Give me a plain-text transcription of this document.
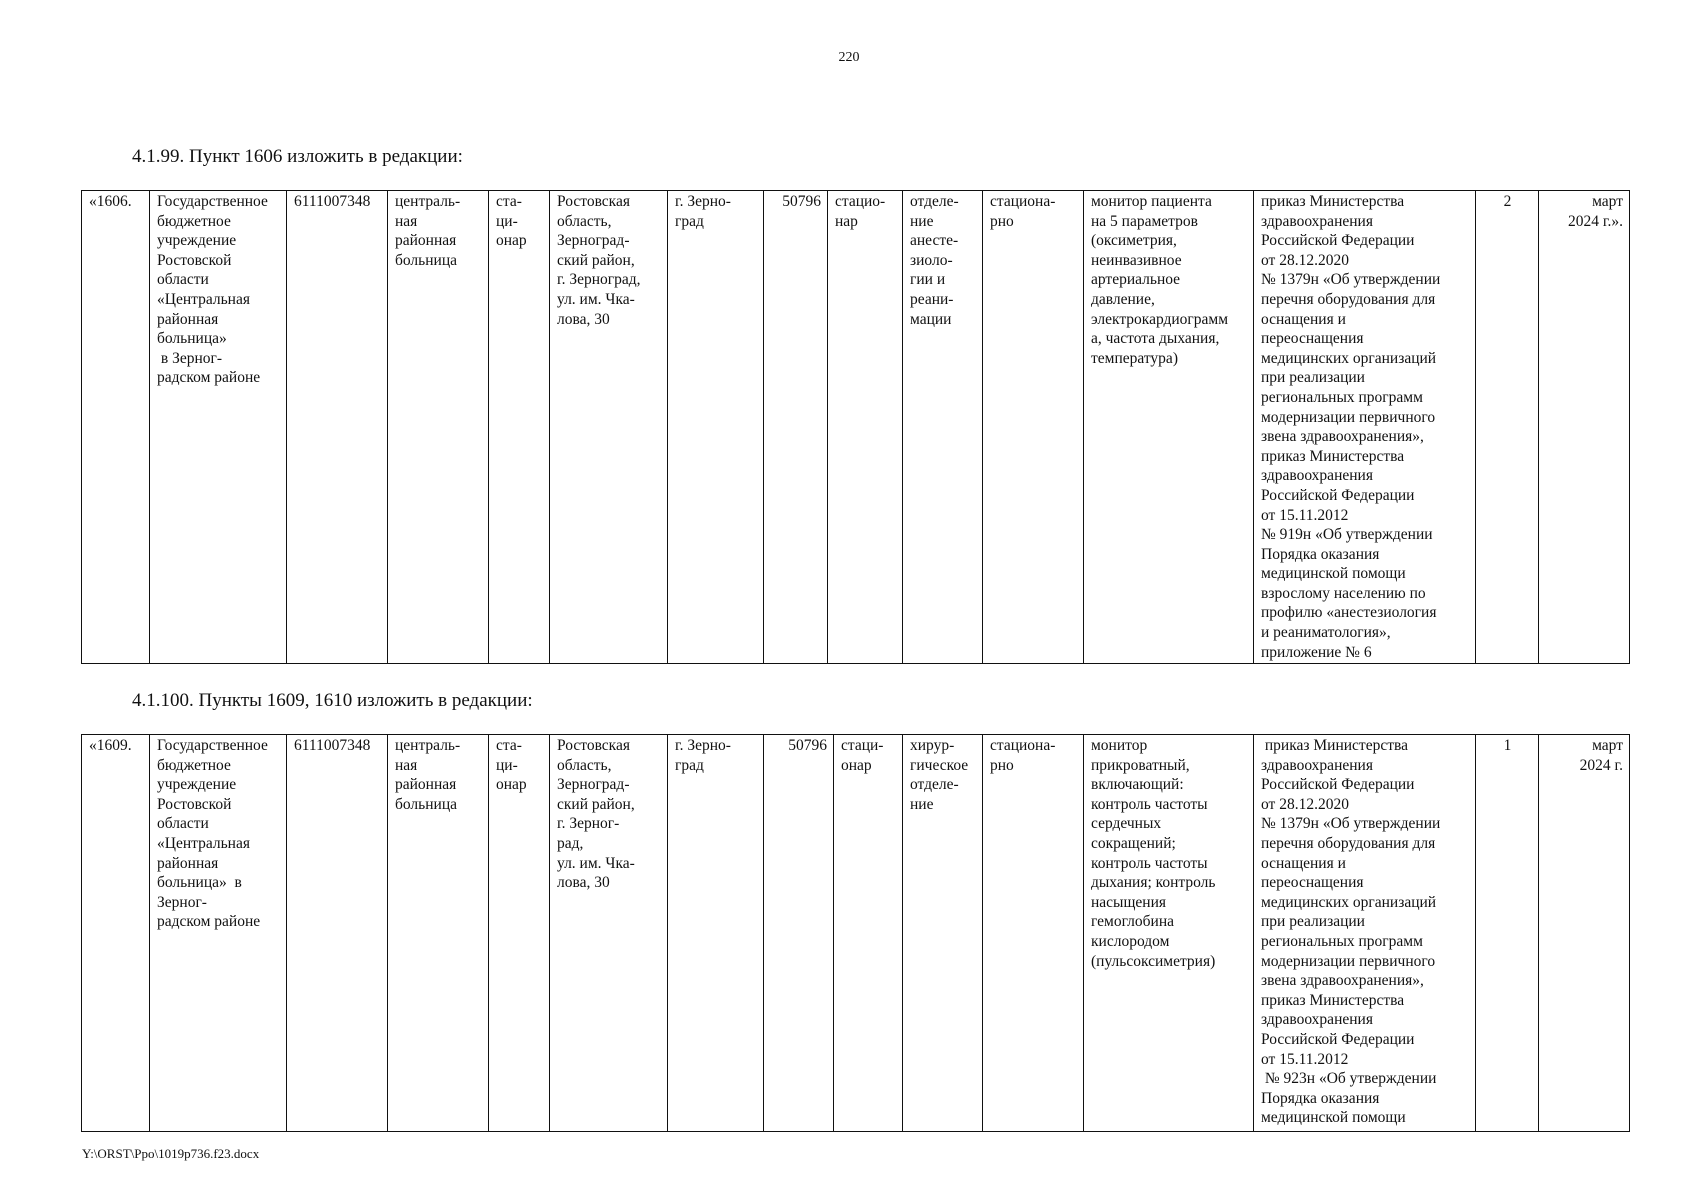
220
4.1.99. Пункт 1606 изложить в редакции:
«1606.	Государственное
бюджетное
учреждение
Ростовской
области
«Центральная
районная
больница»
в Зерног-
радском районе	6111007348	централь-
ная
районная
больница	ста-
ци-
онар	Ростовская
область,
Зерноград-
ский район,
г. Зерноград,
ул. им. Чка-
лова, 30	г. Зерно-
град	50796	стацио-
нар	отделе-
ние
анесте-
зиоло-
гии и
реани-
мации	стациона-
рно	монитор пациента
на 5 параметров
(оксиметрия,
неинвазивное
артериальное
давление,
электрокардиограмм
а, частота дыхания,
температура)	приказ Министерства
здравоохранения
Российской Федерации
от 28.12.2020
№ 1379н «Об утверждении
перечня оборудования для
оснащения и
переоснащения
медицинских организаций
при реализации
региональных программ
модернизации первичного
звена здравоохранения»,
приказ Министерства
здравоохранения
Российской Федерации
от 15.11.2012
№ 919н «Об утверждении
Порядка оказания
медицинской помощи
взрослому населению по
профилю «анестезиология
и реаниматология»,
приложение № 6	2	март
2024 г.».
4.1.100. Пункты 1609, 1610 изложить в редакции:
«1609.	Государственное
бюджетное
учреждение
Ростовской
области
«Центральная
районная
больница»  в
Зерног-
радском районе	6111007348	централь-
ная
районная
больница	ста-
ци-
онар	Ростовская
область,
Зерноград-
ский район,
г. Зерног-
рад,
ул. им. Чка-
лова, 30	г. Зерно-
град	50796	стаци-
онар	хирур-
гическое
отделе-
ние	стациона-
рно	монитор
прикроватный,
включающий:
контроль частоты
сердечных
сокращений;
контроль частоты
дыхания; контроль
насыщения
гемоглобина
кислородом
(пульсоксиметрия)	приказ Министерства
здравоохранения
Российской Федерации
от 28.12.2020
№ 1379н «Об утверждении
перечня оборудования для
оснащения и
переоснащения
медицинских организаций
при реализации
региональных программ
модернизации первичного
звена здравоохранения»,
приказ Министерства
здравоохранения
Российской Федерации
от 15.11.2012
№ 923н «Об утверждении
Порядка оказания
медицинской помощи	1	март
2024 г.
Y:\ORST\Ppo\1019p736.f23.docx
